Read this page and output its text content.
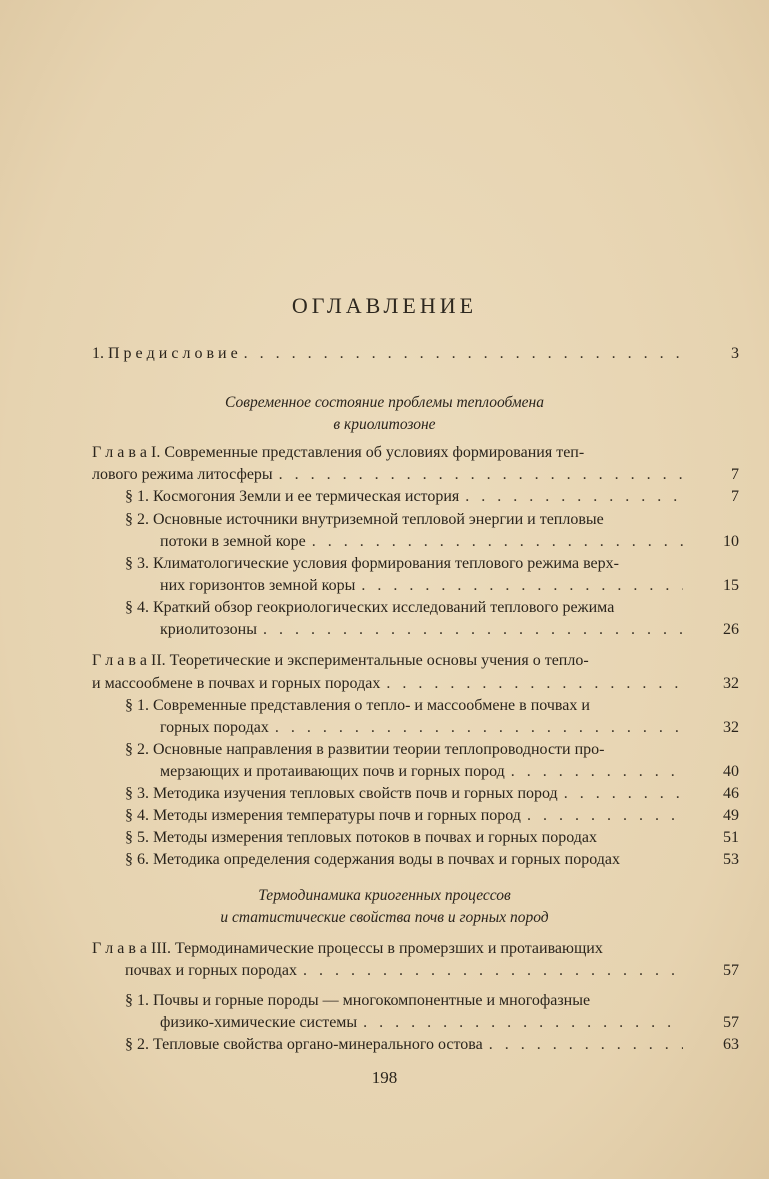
ОГЛАВЛЕНИЕ
1. П р е д и с л о в и е . . .	3
Современное состояние проблемы теплообмена
в криолитозоне
Г л а в а I. Современные представления об условиях формирования теп-
лового режима литосферы . . .	7
§ 1. Космогония Земли и ее термическая история . . .	7
§ 2. Основные источники внутриземной тепловой энергии и тепловые
потоки в земной коре . . .	10
§ 3. Климатологические условия формирования теплового режима верх-
них горизонтов земной коры . . .	15
§ 4. Краткий обзор геокриологических исследований теплового режима
криолитозоны . . .	26
Г л а в а II. Теоретические и экспериментальные основы учения о тепло-
и массообмене в почвах и горных породах . . .	32
§ 1. Современные представления о тепло- и массообмене в почвах и
горных породах . . .	32
§ 2. Основные направления в развитии теории теплопроводности про-
мерзающих и протаивающих почв и горных пород . . .	40
§ 3. Методика изучения тепловых свойств почв и горных пород . . .	46
§ 4. Методы измерения температуры почв и горных пород . . .	49
§ 5. Методы измерения тепловых потоков в почвах и горных породах	51
§ 6. Методика определения содержания воды в почвах и горных породах	53
Термодинамика криогенных процессов
и статистические свойства почв и горных пород
Г л а в а III. Термодинамические процессы в промерзших и протаивающих
почвах и горных породах . . .	57
§ 1. Почвы и горные породы — многокомпонентные и многофазные
физико-химические системы . . .	57
§ 2. Тепловые свойства органо-минерального остова . . .	63
198
